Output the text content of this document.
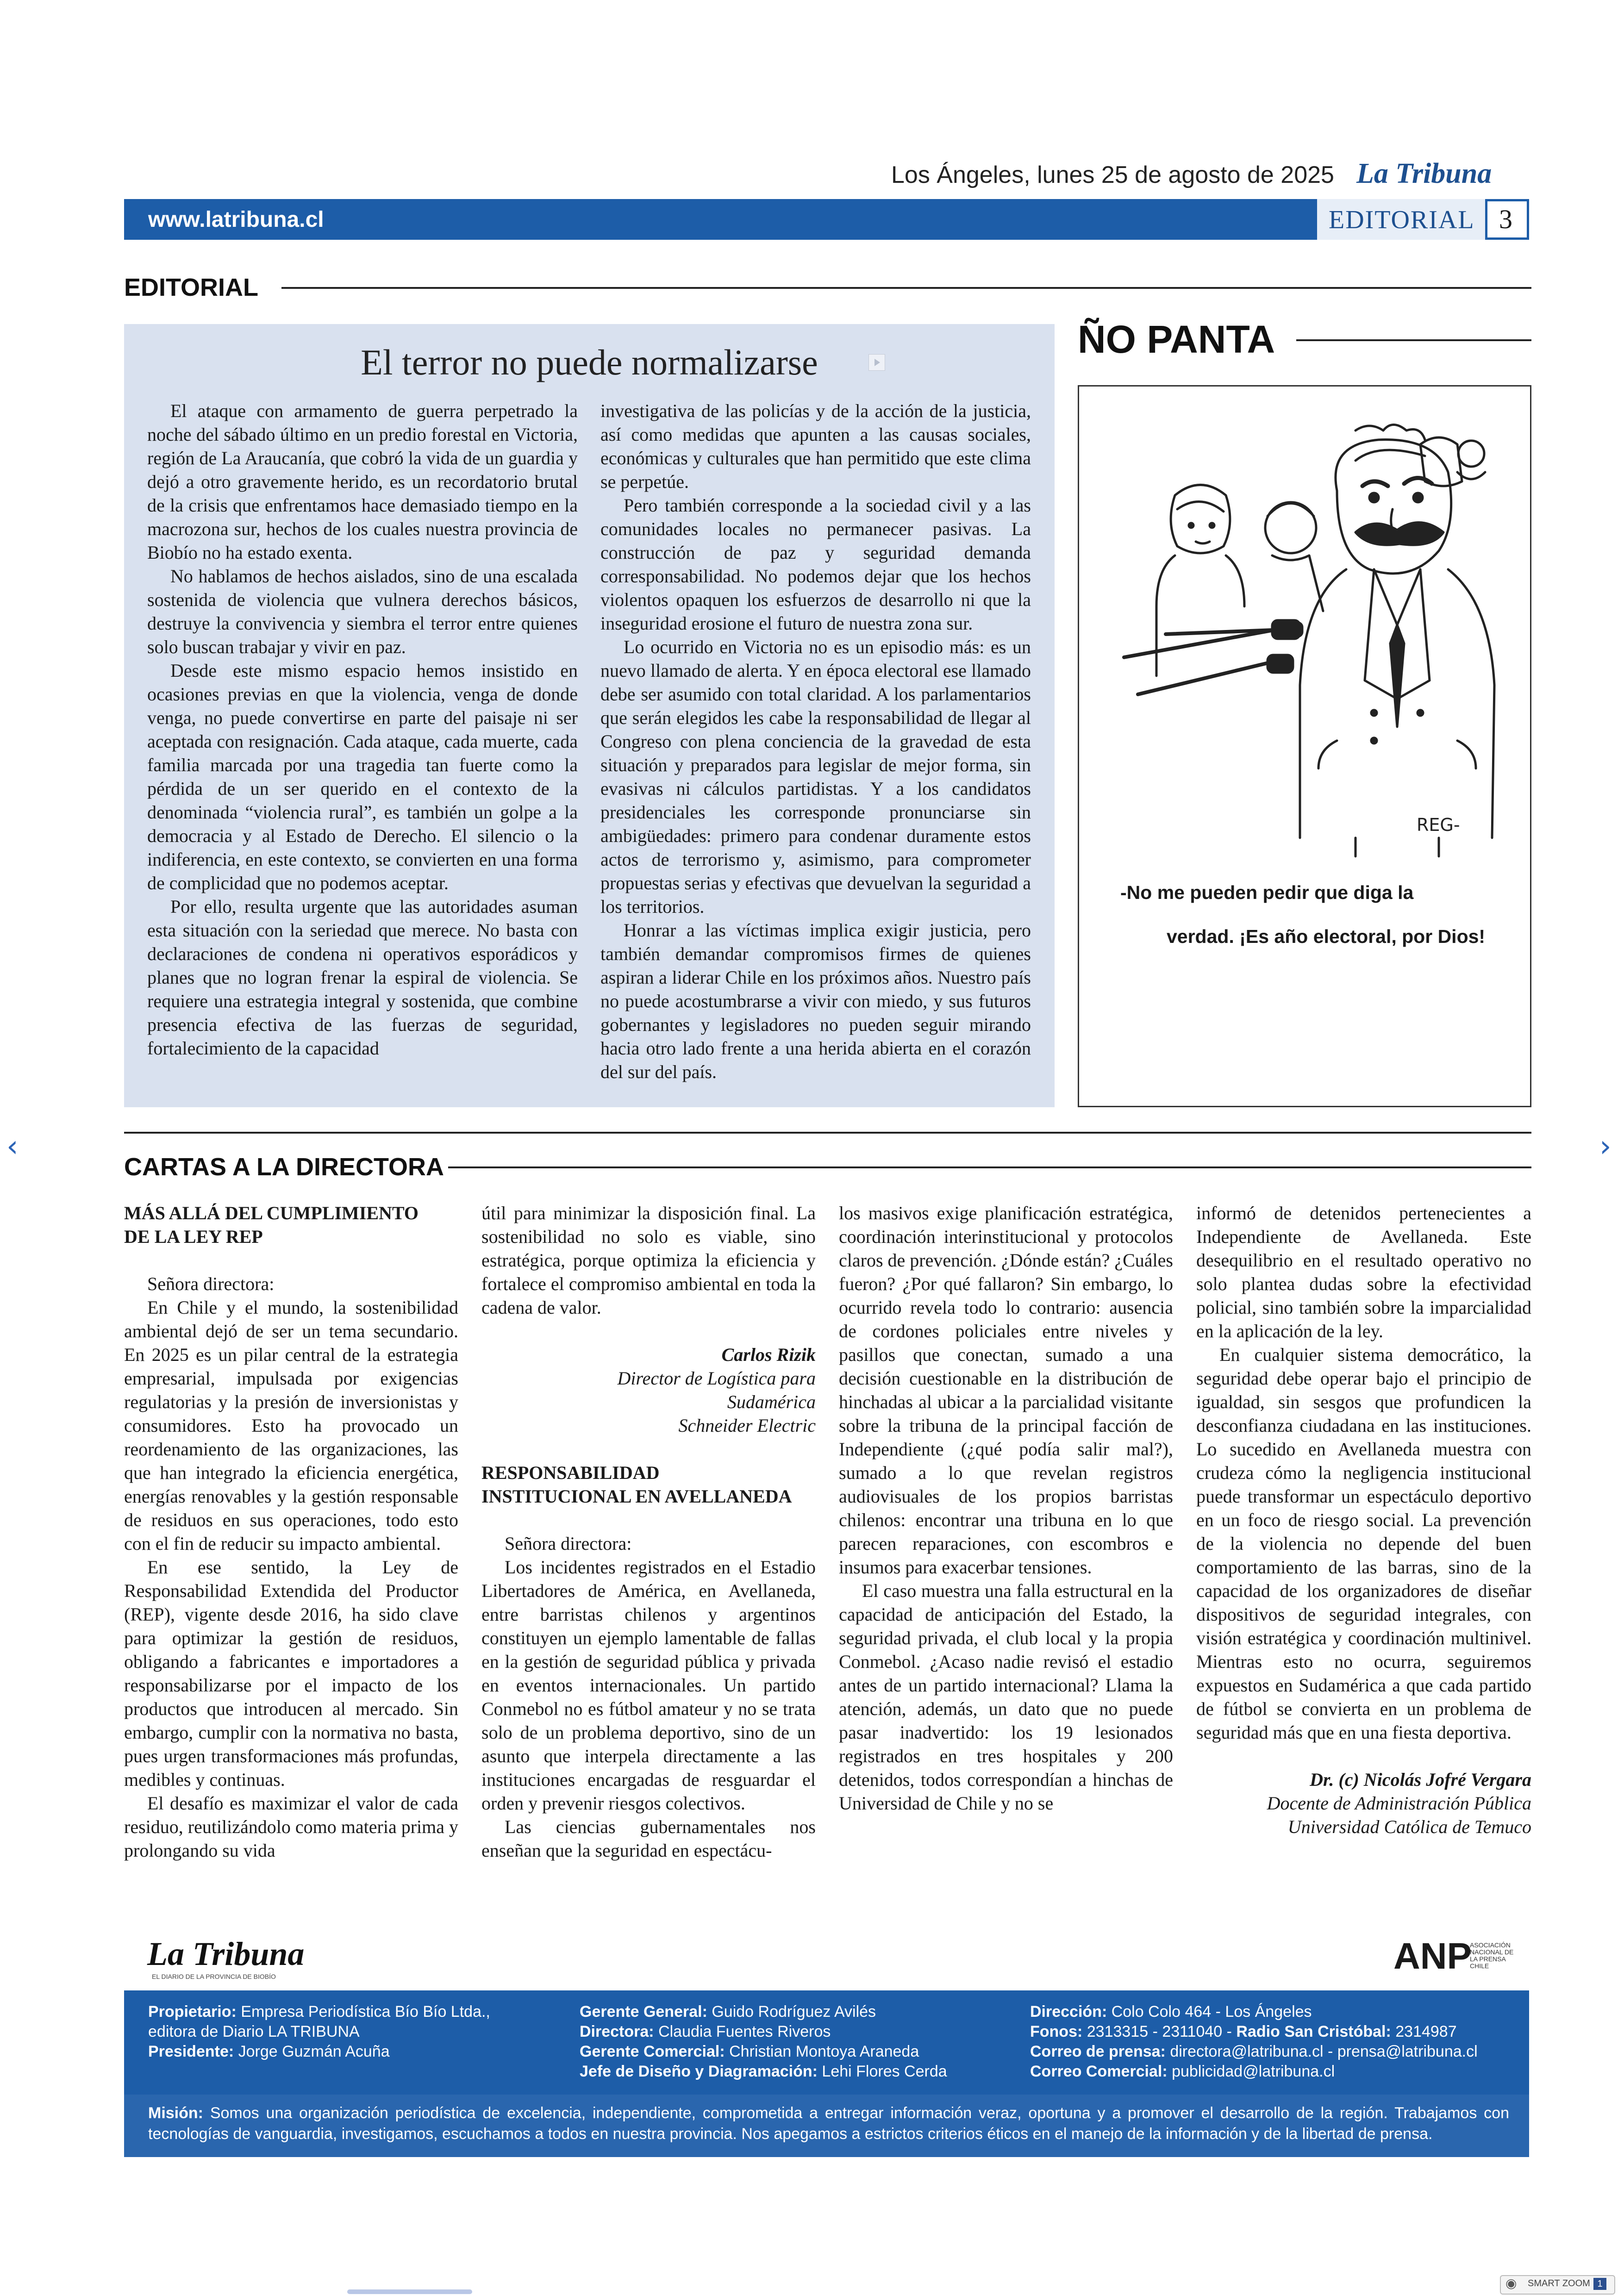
Los Ángeles, lunes 25 de agosto de 2025 La Tribuna
www.latribuna.cl	EDITORIAL 3
EDITORIAL
El terror no puede normalizarse

El ataque con armamento de guerra perpetrado la noche del sábado último en un predio forestal en Victoria, región de La Araucanía, que cobró la vida de un guardia y dejó a otro gravemente herido, es un recordatorio brutal de la crisis que enfrentamos hace demasiado tiempo en la macrozona sur, hechos de los cuales nuestra provincia de Biobío no ha estado exenta.

No hablamos de hechos aislados, sino de una escalada sostenida de violencia que vulnera derechos básicos, destruye la convivencia y siembra el terror entre quienes solo buscan trabajar y vivir en paz.

Desde este mismo espacio hemos insistido en ocasiones previas en que la violencia, venga de donde venga, no puede convertirse en parte del paisaje ni ser aceptada con resignación. Cada ataque, cada muerte, cada familia marcada por una tragedia tan fuerte como la pérdida de un ser querido en el contexto de la denominada “violencia rural”, es también un golpe a la democracia y al Estado de Derecho. El silencio o la indiferencia, en este contexto, se convierten en una forma de complicidad que no podemos aceptar.

Por ello, resulta urgente que las autoridades asuman esta situación con la seriedad que merece. No basta con declaraciones de condena ni operativos esporádicos y planes que no logran frenar la espiral de violencia. Se requiere una estrategia integral y sostenida, que combine presencia efectiva de las fuerzas de seguridad, fortalecimiento de la capacidad

investigativa de las policías y de la acción de la justicia, así como medidas que apunten a las causas sociales, económicas y culturales que han permitido que este clima se perpetúe.

Pero también corresponde a la sociedad civil y a las comunidades locales no permanecer pasivas. La construcción de paz y seguridad demanda corresponsabilidad. No podemos dejar que los hechos violentos opaquen los esfuerzos de desarrollo ni que la inseguridad erosione el futuro de nuestra zona sur.

Lo ocurrido en Victoria no es un episodio más: es un nuevo llamado de alerta. Y en época electoral ese llamado debe ser asumido con total claridad. A los parlamentarios que serán elegidos les cabe la responsabilidad de llegar al Congreso con plena conciencia de la gravedad de esta situación y preparados para legislar de mejor forma, sin evasivas ni cálculos partidistas. Y a los candidatos presidenciales les corresponde pronunciarse sin ambigüedades: primero para condenar duramente estos actos de terrorismo y, asimismo, para comprometer propuestas serias y efectivas que devuelvan la seguridad a los territorios.

Honrar a las víctimas implica exigir justicia, pero también demandar compromisos firmes de quienes aspiran a liderar Chile en los próximos años. Nuestro país no puede acostumbrarse a vivir con miedo, y sus futuros gobernantes y legisladores no pueden seguir mirando hacia otro lado frente a una herida abierta en el corazón del sur del país.

ÑO PANTA
REG-
-No me pueden pedir que diga la
verdad. ¡Es año electoral, por Dios!
CARTAS A LA DIRECTORA
MÁS ALLÁ DEL CUMPLIMIENTO
DE LA LEY REP

Señora directora:

En Chile y el mundo, la sostenibilidad ambiental dejó de ser un tema secundario. En 2025 es un pilar central de la estrategia empresarial, impulsada por exigencias regulatorias y la presión de inversionistas y consumidores. Esto ha provocado un reordenamiento de las organizaciones, las que han integrado la eficiencia energética, energías renovables y la gestión responsable de residuos en sus operaciones, todo esto con el fin de reducir su impacto ambiental.

En ese sentido, la Ley de Responsabilidad Extendida del Productor (REP), vigente desde 2016, ha sido clave para optimizar la gestión de residuos, obligando a fabricantes e importadores a responsabilizarse por el impacto de los productos que introducen al mercado. Sin embargo, cumplir con la normativa no basta, pues urgen transformaciones más profundas, medibles y continuas.

El desafío es maximizar el valor de cada residuo, reutilizándolo como materia prima y prolongando su vida

útil para minimizar la disposición final. La sostenibilidad no solo es viable, sino estratégica, porque optimiza la eficiencia y fortalece el compromiso ambiental en toda la cadena de valor.

Carlos Rizik

Director de Logística para

Sudamérica

Schneider Electric

RESPONSABILIDAD
INSTITUCIONAL EN AVELLANEDA

Señora directora:

Los incidentes registrados en el Estadio Libertadores de América, en Avellaneda, entre barristas chilenos y argentinos constituyen un ejemplo lamentable de fallas en la gestión de seguridad pública y privada en eventos internacionales. Un partido Conmebol no es fútbol amateur y no se trata solo de un problema deportivo, sino de un asunto que interpela directamente a las instituciones encargadas de resguardar el orden y prevenir riesgos colectivos.

Las ciencias gubernamentales nos enseñan que la seguridad en espectácu-

los masivos exige planificación estratégica, coordinación interinstitucional y protocolos claros de prevención. ¿Dónde están? ¿Cuáles fueron? ¿Por qué fallaron? Sin embargo, lo ocurrido revela todo lo contrario: ausencia de cordones policiales entre niveles y pasillos que conectan, sumado a una decisión cuestionable en la distribución de hinchadas al ubicar a la parcialidad visitante sobre la tribuna de la principal facción de Independiente (¿qué podía salir mal?), sumado a lo que revelan registros audiovisuales de los propios barristas chilenos: encontrar una tribuna en lo que parecen reparaciones, con escombros e insumos para exacerbar tensiones.

El caso muestra una falla estructural en la capacidad de anticipación del Estado, la seguridad privada, el club local y la propia Conmebol. ¿Acaso nadie revisó el estadio antes de un partido internacional? Llama la atención, además, un dato que no puede pasar inadvertido: los 19 lesionados registrados en tres hospitales y 200 detenidos, todos correspondían a hinchas de Universidad de Chile y no se

informó de detenidos pertenecientes a Independiente de Avellaneda. Este desequilibrio en el resultado operativo no solo plantea dudas sobre la efectividad policial, sino también sobre la imparcialidad en la aplicación de la ley.

En cualquier sistema democrático, la seguridad debe operar bajo el principio de igualdad, sin sesgos que profundicen la desconfianza ciudadana en las instituciones. Lo sucedido en Avellaneda muestra con crudeza cómo la negligencia institucional puede transformar un espectáculo deportivo en un foco de riesgo social. La prevención de la violencia no depende del buen comportamiento de las barras, sino de la capacidad de los organizadores de diseñar dispositivos de seguridad integrales, con visión estratégica y coordinación multinivel. Mientras esto no ocurra, seguiremos expuestos en Sudamérica a que cada partido de fútbol se convierta en un problema de seguridad más que en una fiesta deportiva.

Dr. (c) Nicolás Jofré Vergara

Docente de Administración Pública

Universidad Católica de Temuco

La Tribuna
EL DIARIO DE LA PROVINCIA DE BIOBÍO	ANP
ASOCIACIÓN NACIONAL DE LA PRENSA CHILE
Propietario: Empresa Periodística Bío Bío Ltda.,
editora de Diario LA TRIBUNA
Presidente: Jorge Guzmán Acuña
Gerente General: Guido Rodríguez Avilés
Directora: Claudia Fuentes Riveros
Gerente Comercial: Christian Montoya Araneda
Jefe de Diseño y Diagramación: Lehi Flores Cerda
Dirección: Colo Colo 464 - Los Ángeles
Fonos: 2313315 - 2311040 - Radio San Cristóbal: 2314987
Correo de prensa: directora@latribuna.cl - prensa@latribuna.cl
Correo Comercial: publicidad@latribuna.cl
Misión: Somos una organización periodística de excelencia, independiente, comprometida a entregar información veraz, oportuna y a promover el desarrollo de la región. Trabajamos con tecnologías de vanguardia, investigamos, escuchamos a todos en nuestra provincia. Nos apegamos a estrictos criterios éticos en el manejo de la información y de la libertad de prensa.
‹	›
◉ SMART ZOOM 1
